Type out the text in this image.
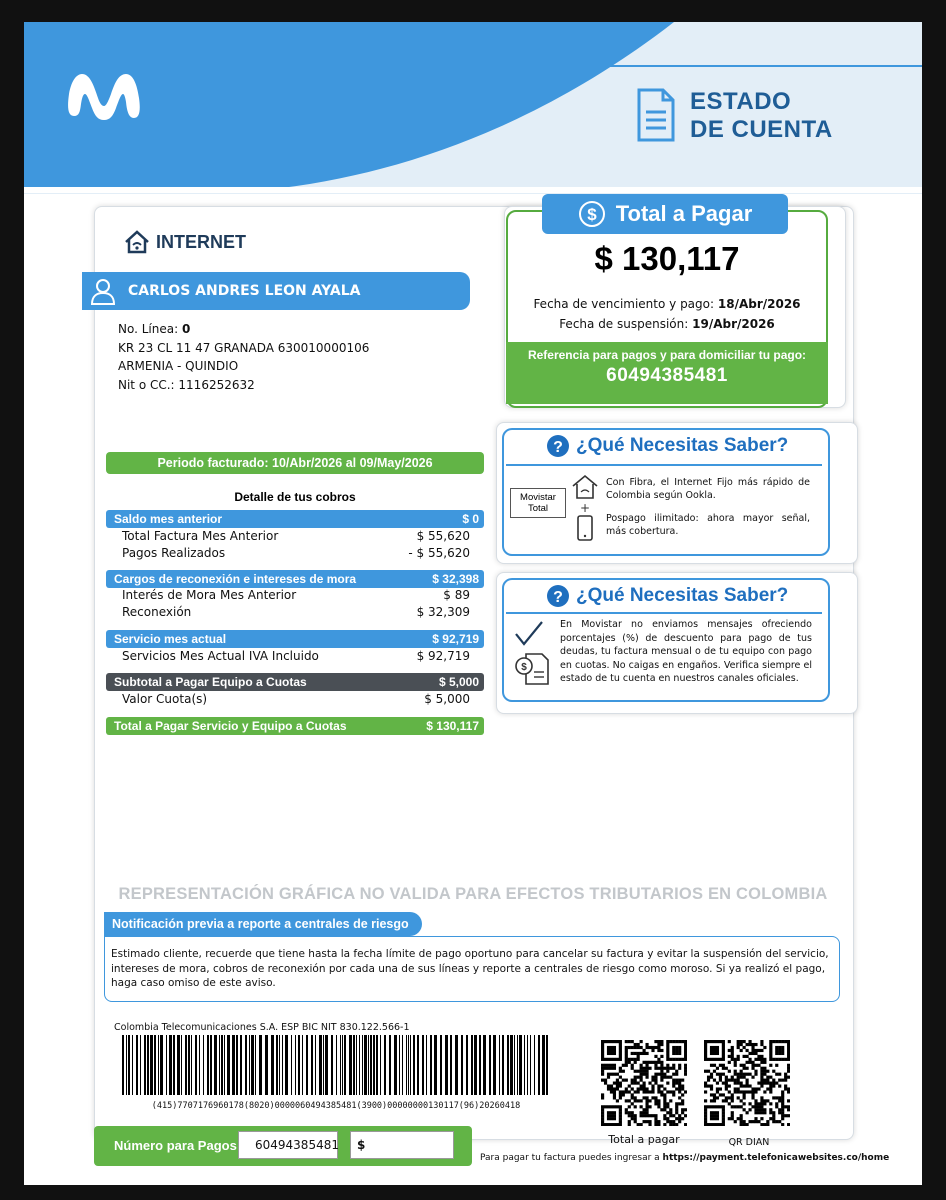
ESTADO
DE CUENTA
INTERNET
CARLOS ANDRES LEON AYALA
No. Línea: 0
KR 23 CL 11 47 GRANADA 630010000106
ARMENIA - QUINDIO
Nit o CC.: 1116252632
Periodo facturado: 10/Abr/2026 al 09/May/2026
Detalle de tus cobros
Saldo mes anterior	$ 0
Total Factura Mes Anterior	$ 55,620
Pagos Realizados	- $ 55,620
Cargos de reconexión e intereses de mora	$ 32,398
Interés de Mora Mes Anterior	$ 89
Reconexión	$ 32,309
Servicio mes actual	$ 92,719
Servicios Mes Actual IVA Incluido	$ 92,719
Subtotal a Pagar Equipo a Cuotas	$ 5,000
Valor Cuota(s)	$ 5,000
Total a Pagar Servicio y Equipo a Cuotas	$ 130,117
$ Total a Pagar
$ 130,117
Fecha de vencimiento y pago: 18/Abr/2026
Fecha de suspensión: 19/Abr/2026
Referencia para pagos y para domiciliar tu pago:
60494385481
? ¿Qué Necesitas Saber?
Movistar Total	+
Con Fibra, el Internet Fijo más rápido de Colombia según Ookla.
Pospago ilimitado: ahora mayor señal, más cobertura.
? ¿Qué Necesitas Saber?
$
En Movistar no enviamos mensajes ofreciendo porcentajes (%) de descuento para pago de tus deudas, tu factura mensual o de tu equipo con pago en cuotas. No caigas en engaños. Verifica siempre el estado de tu cuenta en nuestros canales oficiales.
REPRESENTACIÓN GRÁFICA NO VALIDA PARA EFECTOS TRIBUTARIOS EN COLOMBIA
Notificación previa a reporte a centrales de riesgo
Estimado cliente, recuerde que tiene hasta la fecha límite de pago oportuno para cancelar su factura y evitar la suspensión del servicio, intereses de mora, cobros de reconexión por cada una de sus líneas y reporte a centrales de riesgo como moroso. Si ya realizó el pago, haga caso omiso de este aviso.
Colombia Telecomunicaciones S.A. ESP BIC NIT 830.122.566-1
(415)7707176960178(8020)0000060494385481(3900)00000000130117(96)20260418
Número para Pagos	60494385481	$	Total a pagar	QR DIAN
Para pagar tu factura puedes ingresar a https://payment.telefonicawebsites.co/home
